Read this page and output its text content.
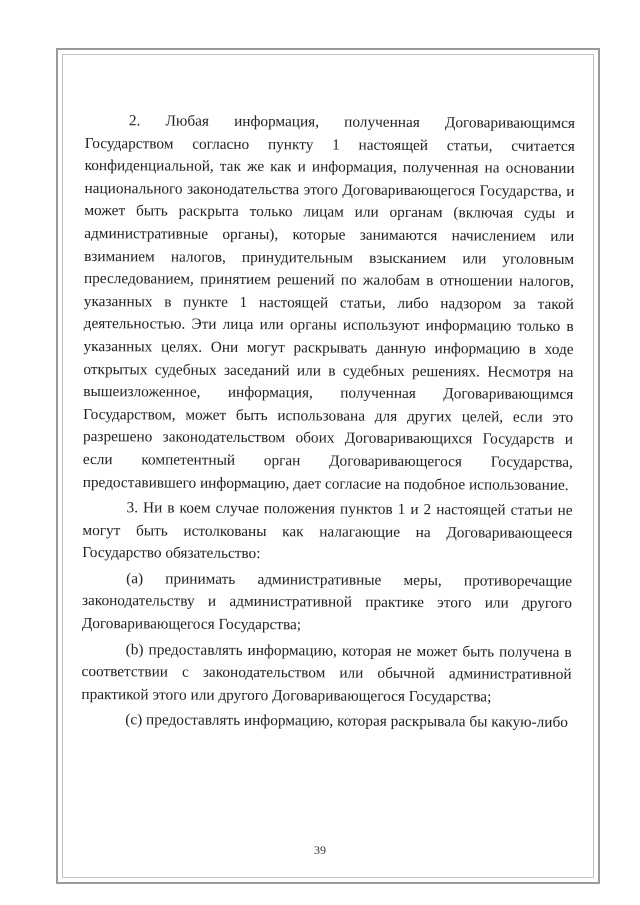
2. Любая информация, полученная Договаривающимся Государством согласно пункту 1 настоящей статьи, считается конфиденциальной, так же как и информация, полученная на основании национального законодательства этого Договаривающегося Государства, и может быть раскрыта только лицам или органам (включая суды и административные органы), которые занимаются начислением или взиманием налогов, принудительным взысканием или уголовным преследованием, принятием решений по жалобам в отношении налогов, указанных в пункте 1 настоящей статьи, либо надзором за такой деятельностью. Эти лица или органы используют информацию только в указанных целях. Они могут раскрывать данную информацию в ходе открытых судебных заседаний или в судебных решениях. Несмотря на вышеизложенное, информация, полученная Договаривающимся Государством, может быть использована для других целей, если это разрешено законодательством обоих Договаривающихся Государств и если компетентный орган Договаривающегося Государства, предоставившего информацию, дает согласие на подобное использование.

3. Ни в коем случае положения пунктов 1 и 2 настоящей статьи не могут быть истолкованы как налагающие на Договаривающееся Государство обязательство:

(a) принимать административные меры, противоречащие законодательству и административной практике этого или другого Договаривающегося Государства;

(b) предоставлять информацию, которая не может быть получена в соответствии с законодательством или обычной административной практикой этого или другого Договаривающегося Государства;

(c) предоставлять информацию, которая раскрывала бы какую-либо

39
